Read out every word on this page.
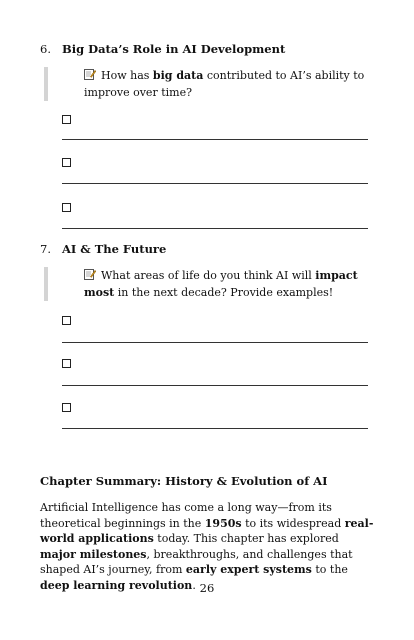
6. Big Data’s Role in AI Development
How has big data contributed to AI’s ability to improve over time?
7. AI & The Future
What areas of life do you think AI will impact most in the next decade? Provide examples!
Chapter Summary: History & Evolution of AI
Artificial Intelligence has come a long way—from its theoretical beginnings in the 1950s to its widespread real-world applications today. This chapter has explored major milestones, breakthroughs, and challenges that shaped AI’s journey, from early expert systems to the deep learning revolution. 26
